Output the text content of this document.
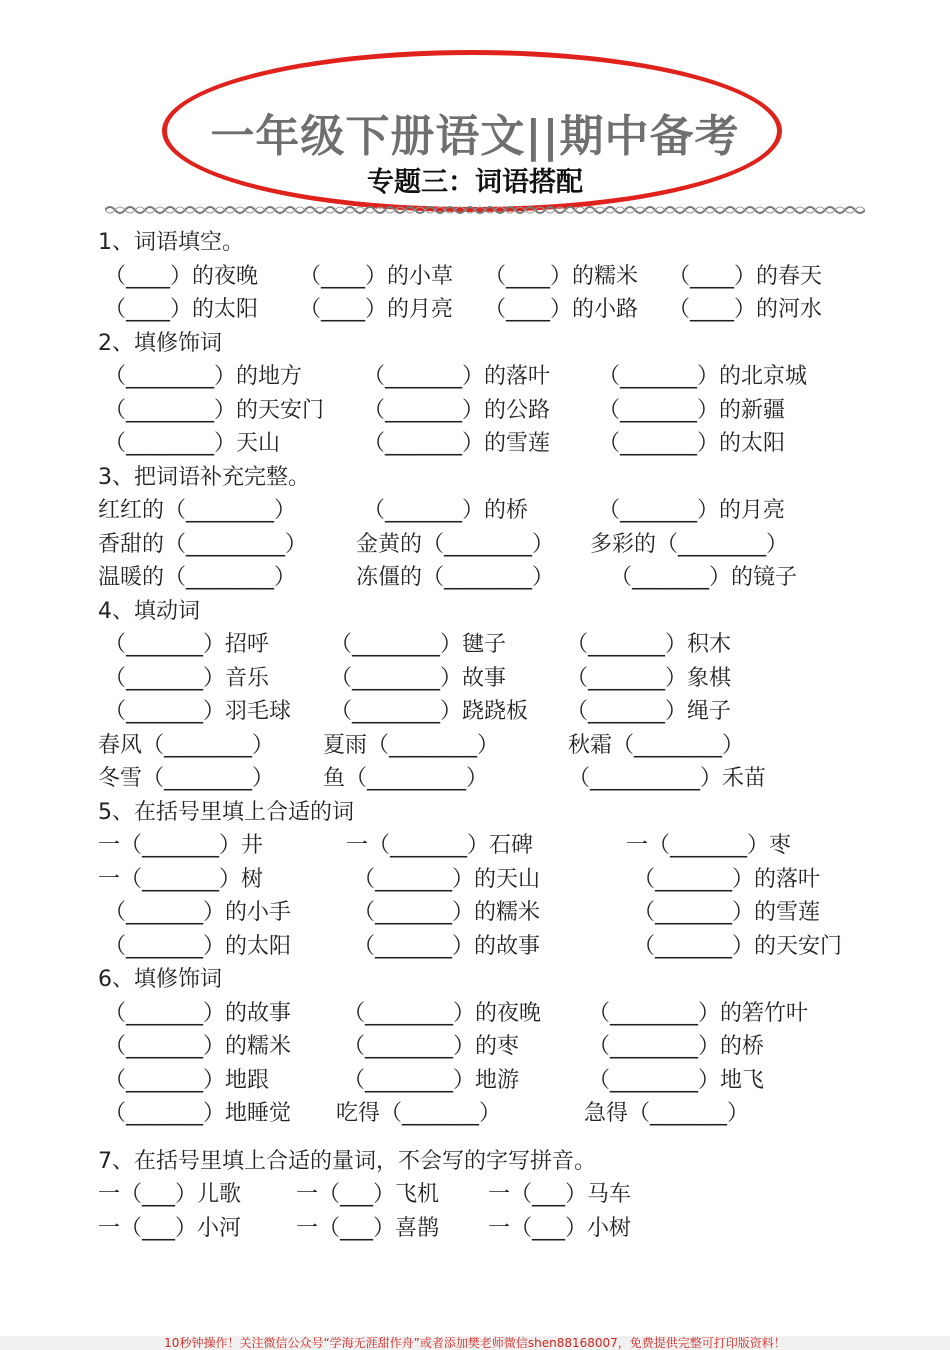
一年级下册语文||期中备考
专题三：词语搭配
1、词语填空。
（____）的夜晚 （____）的小草 （____）的糯米 （____）的春天
（____）的太阳 （____）的月亮 （____）的小路 （____）的河水
2、填修饰词
（________）的地方	（_______）的落叶 （_______）的北京城
（________）的天安门 （_______）的公路 （_______）的新疆
（________）天山	（_______）的雪莲 （_______）的太阳
3、把词语补充完整。
红红的（________）	（_______）的桥	（_______）的月亮
香甜的（_________） 金黄的（________） 多彩的（________）
温暖的（________）	冻僵的（________）	（_______）的镜子
4、填动词
（_______）招呼	（________）毽子	（_______）积木
（_______）音乐	（________）故事	（_______）象棋
（_______）羽毛球 （________）跷跷板 （_______）绳子
春风（________） 夏雨（________）	秋霜（________）
冬雪（________） 鱼（_________）	（__________）禾苗
5、在括号里填上合适的词
一（_______）井	一（_______）石碑	一（_______）枣
一（_______）树	（_______）的天山	（_______）的落叶
（_______）的小手	（_______）的糯米	（_______）的雪莲
（_______）的太阳	（_______）的故事	（_______）的天安门
6、填修饰词
（_______）的故事 （________）的夜晚 （________）的箬竹叶
（_______）的糯米 （________）的枣	（________）的桥
（_______）地跟	（________）地游	（________）地飞
（_______）地睡觉 吃得（_______）	急得（_______）
7、在括号里填上合适的量词，不会写的字写拼音。
一（___）儿歌 一（___）飞机 一（___）马车
一（___）小河 一（___）喜鹊 一（___）小树
10秒钟操作！关注微信公众号“学海无涯甜作舟”或者添加樊老师微信shen88168007，免费提供完整可打印版资料！
